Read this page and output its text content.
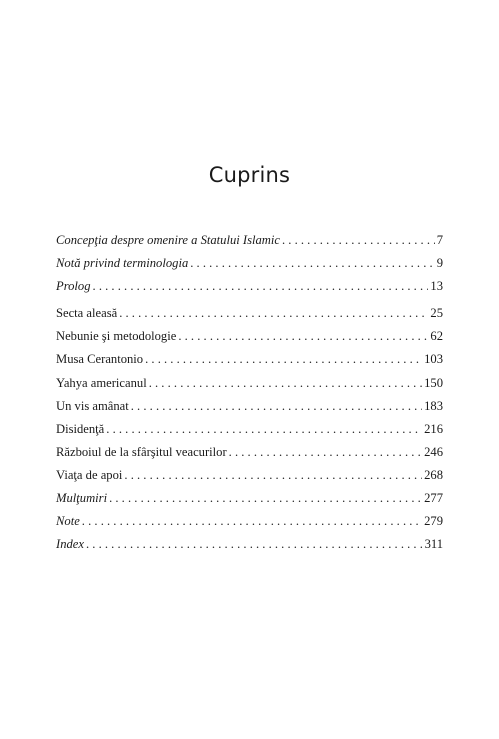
Cuprins
Concepţia despre omenire a Statului Islamic . . .	7
Notă privind terminologia . . .	9
Prolog . . .	13
Secta aleasă . . .	25
Nebunie şi metodologie . . .	62
Musa Cerantonio . . .	103
Yahya americanul . . .	150
Un vis amânat . . .	183
Disidenţă . . .	216
Războiul de la sfârşitul veacurilor . . .	246
Viaţa de apoi . . .	268
Mulţumiri . . .	277
Note . . .	279
Index . . .	311
